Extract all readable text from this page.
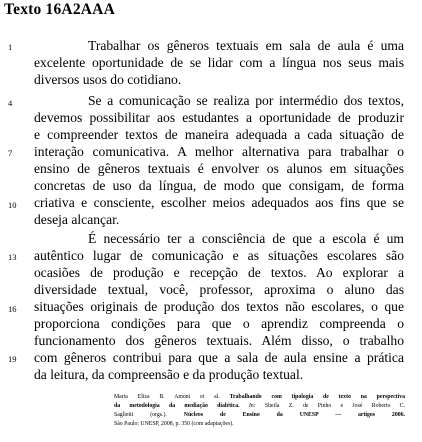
Texto 16A2AAA
1
4
7
10
13
16
19
Trabalhar os gêneros textuais em sala de aula é uma
excelente oportunidade de se lidar com a língua nos seus mais
diversos usos do cotidiano.
Se a comunicação se realiza por intermédio dos textos,
devemos possibilitar aos estudantes a oportunidade de produzir
e compreender textos de maneira adequada a cada situação de
interação comunicativa. A melhor alternativa para trabalhar o
ensino de gêneros textuais é envolver os alunos em situações
concretas de uso da língua, de modo que consigam, de forma
criativa e consciente, escolher meios adequados aos fins que se
deseja alcançar.
É necessário ter a consciência de que a escola é um
autêntico lugar de comunicação e as situações escolares são
ocasiões de produção e recepção de textos. Ao explorar a
diversidade textual, você, professor, aproxima o aluno das
situações originais de produção dos textos não escolares, o que
proporciona condições para que o aprendiz compreenda o
funcionamento dos gêneros textuais. Além disso, o trabalho
com gêneros contribui para que a sala de aula ensine a prática
da leitura, da compreensão e da produção textual.
Maria Eliza B. Amoni et al. Trabalhando com tipologia de texto na perspectiva
da metodologia da mediação dialética. In: Sheila Z. de Pinho e José Roberto C.
Saglietti (orgs.).	Núcleos de Ensino da UNESP — artigos 2006.
São Paulo: UNESP, 2008, p. 350 (com adaptações).
